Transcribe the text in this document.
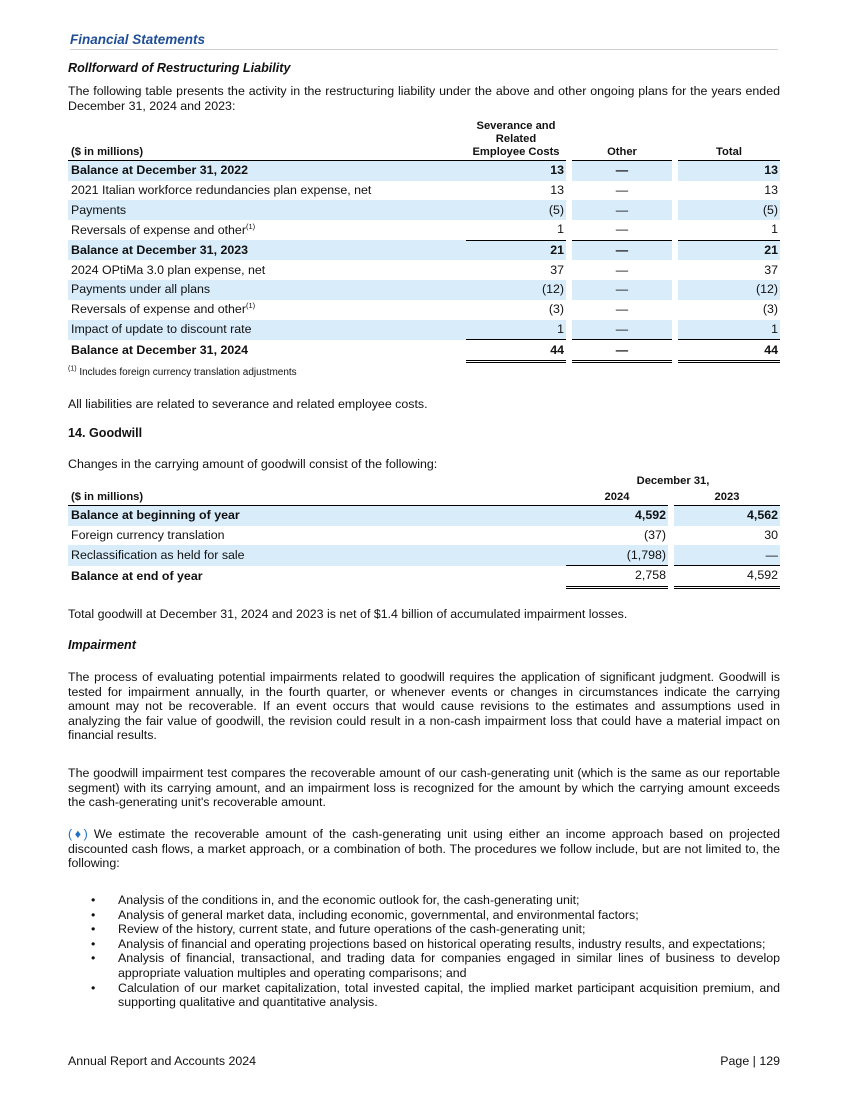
Financial Statements
Rollforward of Restructuring Liability

The following table presents the activity in the restructuring liability under the above and other ongoing plans for the years ended December 31, 2024 and 2023:

($ in millions)	Severance and
Related
Employee Costs		Other		Total
Balance at December 31, 2022	13		—		13
2021 Italian workforce redundancies plan expense, net	13		—		13
Payments	(5)		—		(5)
Reversals of expense and other$^{(1)}$	1		—		1
Balance at December 31, 2023	21		—		21
2024 OPtiMa 3.0 plan expense, net	37		—		37
Payments under all plans	(12)		—		(12)
Reversals of expense and other$^{(1)}$	(3)		—		(3)
Impact of update to discount rate	1		—		1
Balance at December 31, 2024	44		—		44
$^{(1)}$ Includes foreign currency translation adjustments

All liabilities are related to severance and related employee costs.

14. Goodwill

Changes in the carrying amount of goodwill consist of the following:

	December 31,		
($ in millions)	2024		2023
Balance at beginning of year	4,592		4,562
Foreign currency translation	(37)		30
Reclassification as held for sale	(1,798)		—
Balance at end of year	2,758		4,592

Total goodwill at December 31, 2024 and 2023 is net of $1.4 billion of accumulated impairment losses.

Impairment

The process of evaluating potential impairments related to goodwill requires the application of significant judgment. Goodwill is tested for impairment annually, in the fourth quarter, or whenever events or changes in circumstances indicate the carrying amount may not be recoverable. If an event occurs that would cause revisions to the estimates and assumptions used in analyzing the fair value of goodwill, the revision could result in a non-cash impairment loss that could have a material impact on financial results.

The goodwill impairment test compares the recoverable amount of our cash-generating unit (which is the same as our reportable segment) with its carrying amount, and an impairment loss is recognized for the amount by which the carrying amount exceeds the cash-generating unit's recoverable amount.

(♦) We estimate the recoverable amount of the cash-generating unit using either an income approach based on projected discounted cash flows, a market approach, or a combination of both. The procedures we follow include, but are not limited to, the following:

• Analysis of the conditions in, and the economic outlook for, the cash-generating unit;
• Analysis of general market data, including economic, governmental, and environmental factors;
• Review of the history, current state, and future operations of the cash-generating unit;
• Analysis of financial and operating projections based on historical operating results, industry results, and expectations;
• Analysis of financial, transactional, and trading data for companies engaged in similar lines of business to develop appropriate valuation multiples and operating comparisons; and
• Calculation of our market capitalization, total invested capital, the implied market participant acquisition premium, and supporting qualitative and quantitative analysis.
Annual Report and Accounts 2024	Page | 129
